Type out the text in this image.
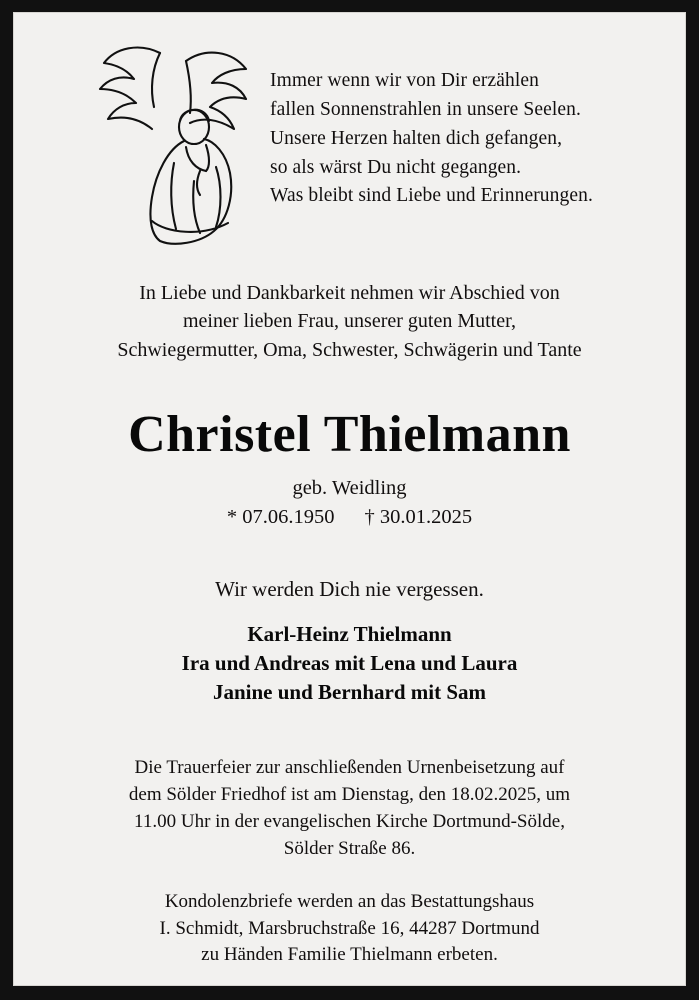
Immer wenn wir von Dir erzählen
fallen Sonnenstrahlen in unsere Seelen.
Unsere Herzen halten dich gefangen,
so als wärst Du nicht gegangen.
Was bleibt sind Liebe und Erinnerungen.
In Liebe und Dankbarkeit nehmen wir Abschied von
meiner lieben Frau, unserer guten Mutter,
Schwiegermutter, Oma, Schwester, Schwägerin und Tante
Christel Thielmann
geb. Weidling
* 07.06.1950 † 30.01.2025
Wir werden Dich nie vergessen.
Karl-Heinz Thielmann
Ira und Andreas mit Lena und Laura
Janine und Bernhard mit Sam
Die Trauerfeier zur anschließenden Urnenbeisetzung auf
dem Sölder Friedhof ist am Dienstag, den 18.02.2025, um
11.00 Uhr in der evangelischen Kirche Dortmund-Sölde,
Sölder Straße 86.
Kondolenzbriefe werden an das Bestattungshaus
I. Schmidt, Marsbruchstraße 16, 44287 Dortmund
zu Händen Familie Thielmann erbeten.
